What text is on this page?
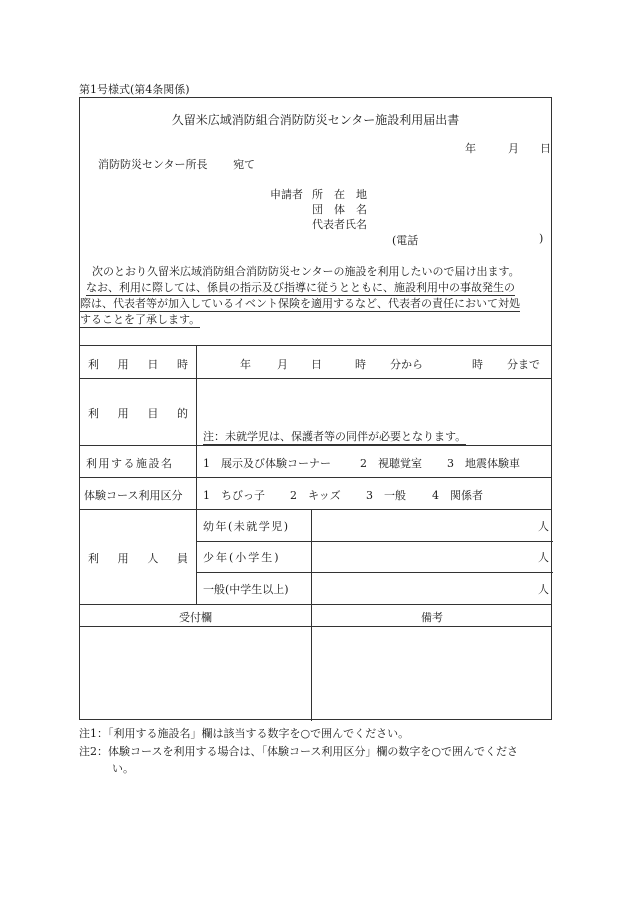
第1号様式(第4条関係)
久留米広域消防組合消防防災センター施設利用届出書
年	月 日
消防防災センター所長 宛て
申請者 所　在　地
団　体　名
代表者氏名
(電話	)
次のとおり久留米広域消防組合消防防災センターの施設を利用したいので届け出ます。
なお、利用に際しては、係員の指示及び指導に従うとともに、施設利用中の事故発生の
際は、代表者等が加入しているイベント保険を適用するなど、代表者の責任において対処
することを了承します。
利 用 日 時	年 月 日	時 分から	時 分まで
利 用 目 的
注：未就学児は、保護者等の同伴が必要となります。
利用する施設名	1　展示及び体験コーナー	2　視聴覚室 3　地震体験車
体験コース利用区分 1　ちびっ子 2　キッズ 3　一般 4　関係者
利 用 人 員
幼年(未就学児)	人
少年(小学生)	人
一般(中学生以上)	人
受付欄	備考
注1：「利用する施設名」欄は該当する数字を○で囲んでください。
注2：体験コースを利用する場合は、「体験コース利用区分」欄の数字を○で囲んでくださ
い。
